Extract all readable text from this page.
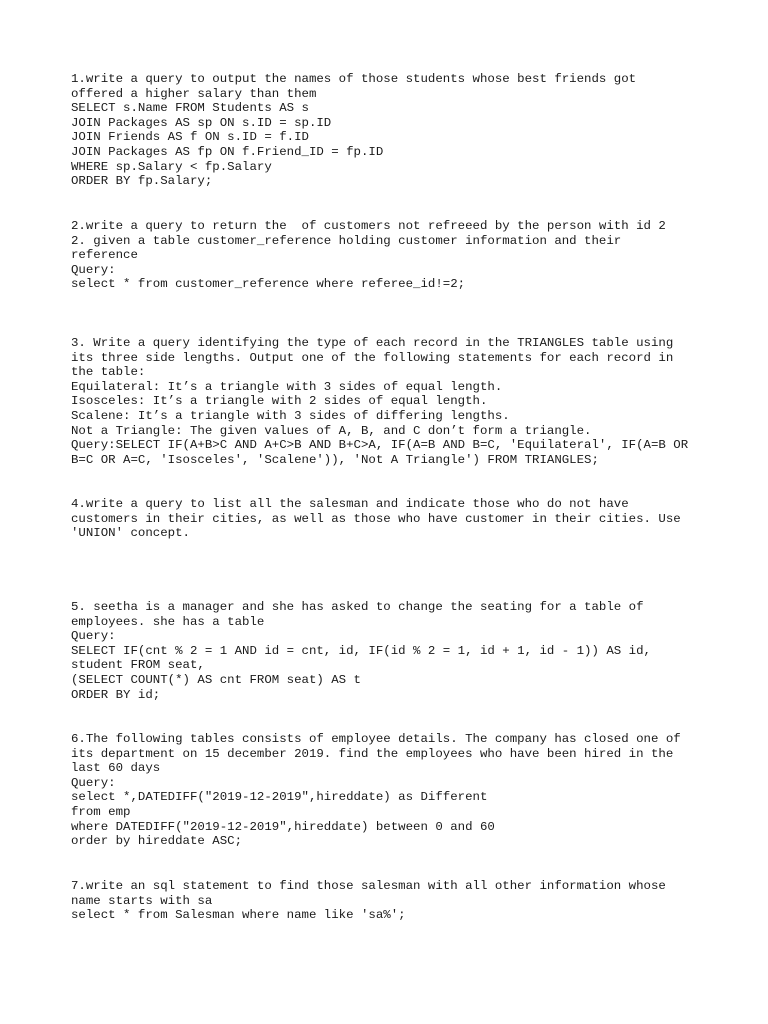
1.write a query to output the names of those students whose best friends got
offered a higher salary than them
SELECT s.Name FROM Students AS s
JOIN Packages AS sp ON s.ID = sp.ID
JOIN Friends AS f ON s.ID = f.ID
JOIN Packages AS fp ON f.Friend_ID = fp.ID
WHERE sp.Salary < fp.Salary
ORDER BY fp.Salary;
2.write a query to return the  of customers not refreeed by the person with id 2
2. given a table customer_reference holding customer information and their
reference
Query:
select * from customer_reference where referee_id!=2;
3. Write a query identifying the type of each record in the TRIANGLES table using
its three side lengths. Output one of the following statements for each record in
the table:
Equilateral: It’s a triangle with 3 sides of equal length.
Isosceles: It’s a triangle with 2 sides of equal length.
Scalene: It’s a triangle with 3 sides of differing lengths.
Not a Triangle: The given values of A, B, and C don’t form a triangle.
Query:SELECT IF(A+B>C AND A+C>B AND B+C>A, IF(A=B AND B=C, 'Equilateral', IF(A=B OR
B=C OR A=C, 'Isosceles', 'Scalene')), 'Not A Triangle') FROM TRIANGLES;
4.write a query to list all the salesman and indicate those who do not have
customers in their cities, as well as those who have customer in their cities. Use
'UNION' concept.
5. seetha is a manager and she has asked to change the seating for a table of
employees. she has a table
Query:
SELECT IF(cnt % 2 = 1 AND id = cnt, id, IF(id % 2 = 1, id + 1, id - 1)) AS id,
student FROM seat,
(SELECT COUNT(*) AS cnt FROM seat) AS t
ORDER BY id;
6.The following tables consists of employee details. The company has closed one of
its department on 15 december 2019. find the employees who have been hired in the
last 60 days
Query:
select *,DATEDIFF("2019-12-2019",hireddate) as Different
from emp
where DATEDIFF("2019-12-2019",hireddate) between 0 and 60
order by hireddate ASC;
7.write an sql statement to find those salesman with all other information whose
name starts with sa
select * from Salesman where name like 'sa%';
